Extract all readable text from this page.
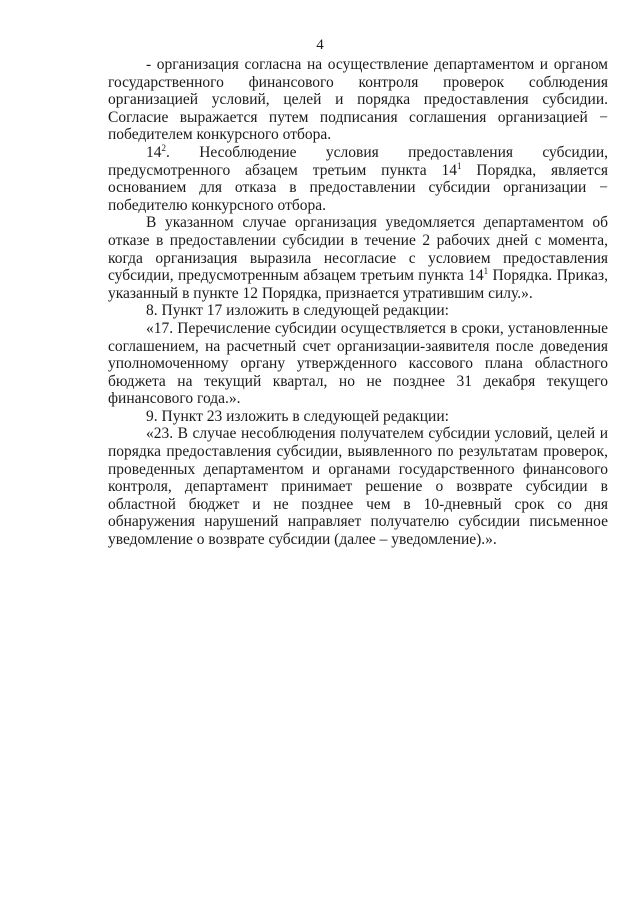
4

- организация согласна на осуществление департаментом и органом государственного финансового контроля проверок соблюдения организацией условий, целей и порядка предоставления субсидии. Согласие выражается путем подписания соглашения организацией − победителем конкурсного отбора.

$14^2$. Несоблюдение условия предоставления субсидии, предусмотренного абзацем третьим пункта $14^1$ Порядка, является основанием для отказа в предоставлении субсидии организации − победителю конкурсного отбора.

В указанном случае организация уведомляется департаментом об отказе в предоставлении субсидии в течение 2 рабочих дней с момента, когда организация выразила несогласие с условием предоставления субсидии, предусмотренным абзацем третьим пункта $14^1$ Порядка. Приказ, указанный в пункте 12 Порядка, признается утратившим силу.».

8. Пункт 17 изложить в следующей редакции:

«17. Перечисление субсидии осуществляется в сроки, установленные соглашением, на расчетный счет организации-заявителя после доведения уполномоченному органу утвержденного кассового плана областного бюджета на текущий квартал, но не позднее 31 декабря текущего финансового года.».

9. Пункт 23 изложить в следующей редакции:

«23. В случае несоблюдения получателем субсидии условий, целей и порядка предоставления субсидии, выявленного по результатам проверок, проведенных департаментом и органами государственного финансового контроля, департамент принимает решение о возврате субсидии в областной бюджет и не позднее чем в 10-дневный срок со дня обнаружения нарушений направляет получателю субсидии письменное уведомление о возврате субсидии (далее – уведомление).».
